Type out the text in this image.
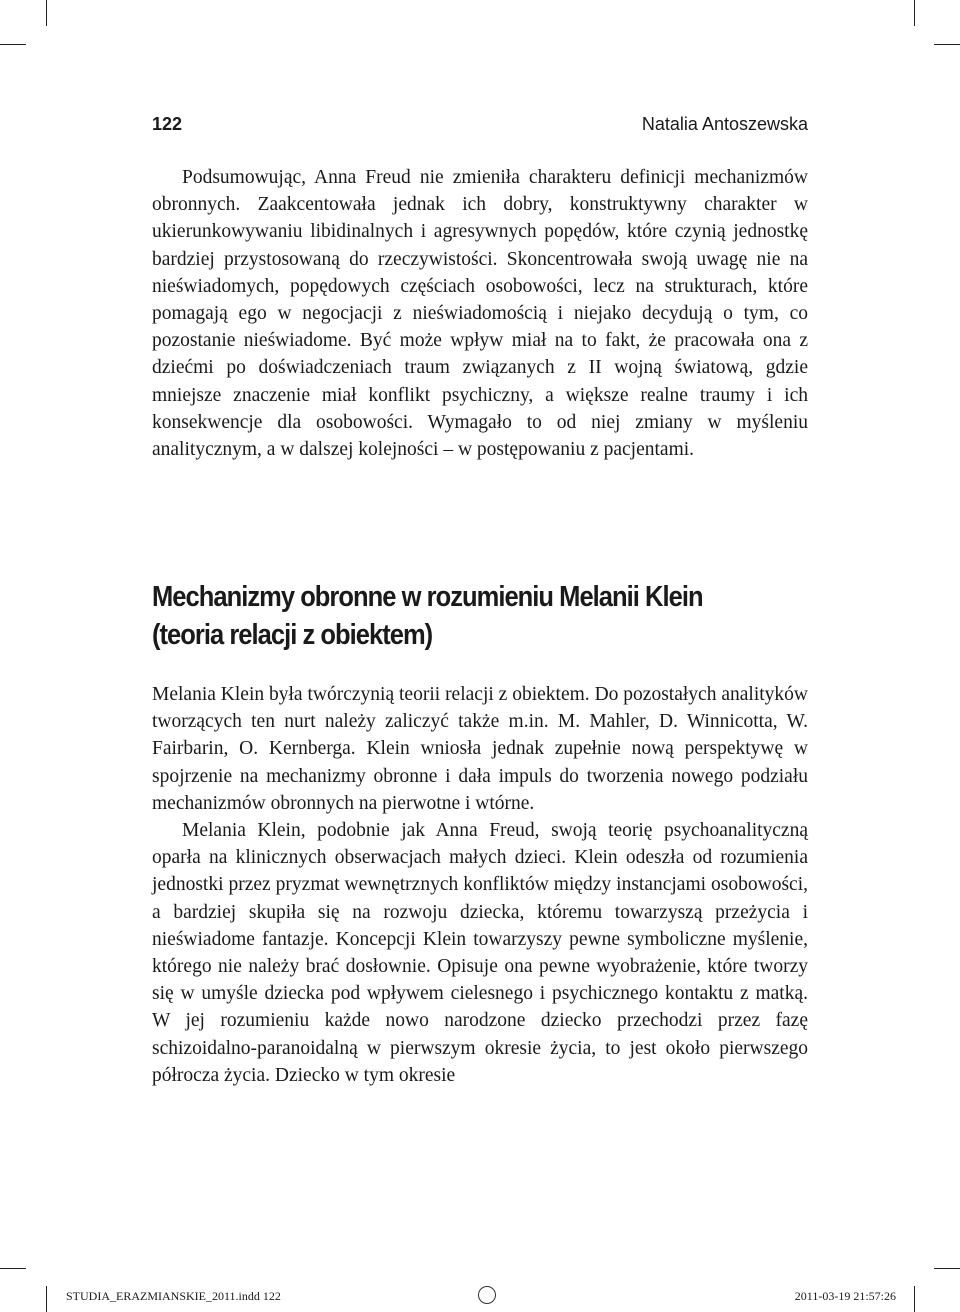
122	Natalia Antoszewska

Podsumowując, Anna Freud nie zmieniła charakteru definicji mechanizmów obronnych. Zaakcentowała jednak ich dobry, konstruktywny charakter w ukierunkowywaniu libidinalnych i agresywnych popędów, które czynią jednostkę bardziej przystosowaną do rzeczywistości. Skoncentrowała swoją uwagę nie na nieświadomych, popędowych częściach osobowości, lecz na strukturach, które pomagają ego w negocjacji z nieświadomością i niejako decydują o tym, co pozostanie nieświadome. Być może wpływ miał na to fakt, że pracowała ona z dziećmi po doświadczeniach traum związanych z II wojną światową, gdzie mniejsze znaczenie miał konflikt psychiczny, a większe realne traumy i ich konsekwencje dla osobowości. Wymagało to od niej zmiany w myśleniu analitycznym, a w dalszej kolejności – w postępowaniu z pacjentami.

Mechanizmy obronne w rozumieniu Melanii Klein
(teoria relacji z obiektem)

Melania Klein była twórczynią teorii relacji z obiektem. Do pozostałych analityków tworzących ten nurt należy zaliczyć także m.in. M. Mahler, D. Winnicotta, W. Fairbarin, O. Kernberga. Klein wniosła jednak zupełnie nową perspektywę w spojrzenie na mechanizmy obronne i dała impuls do tworzenia nowego podziału mechanizmów obronnych na pierwotne i wtórne.

Melania Klein, podobnie jak Anna Freud, swoją teorię psychoanalityczną oparła na klinicznych obserwacjach małych dzieci. Klein odeszła od rozumienia jednostki przez pryzmat wewnętrznych konfliktów między instancjami osobowości, a bardziej skupiła się na rozwoju dziecka, któremu towarzyszą przeżycia i nieświadome fantazje. Koncepcji Klein towarzyszy pewne symboliczne myślenie, którego nie należy brać dosłownie. Opisuje ona pewne wyobrażenie, które tworzy się w umyśle dziecka pod wpływem cielesnego i psychicznego kontaktu z matką. W jej rozumieniu każde nowo narodzone dziecko przechodzi przez fazę schizoidalno-paranoidalną w pierwszym okresie życia, to jest około pierwszego półrocza życia. Dziecko w tym okresie

STUDIA_ERAZMIANSKIE_2011.indd 122	2011-03-19 21:57:26
